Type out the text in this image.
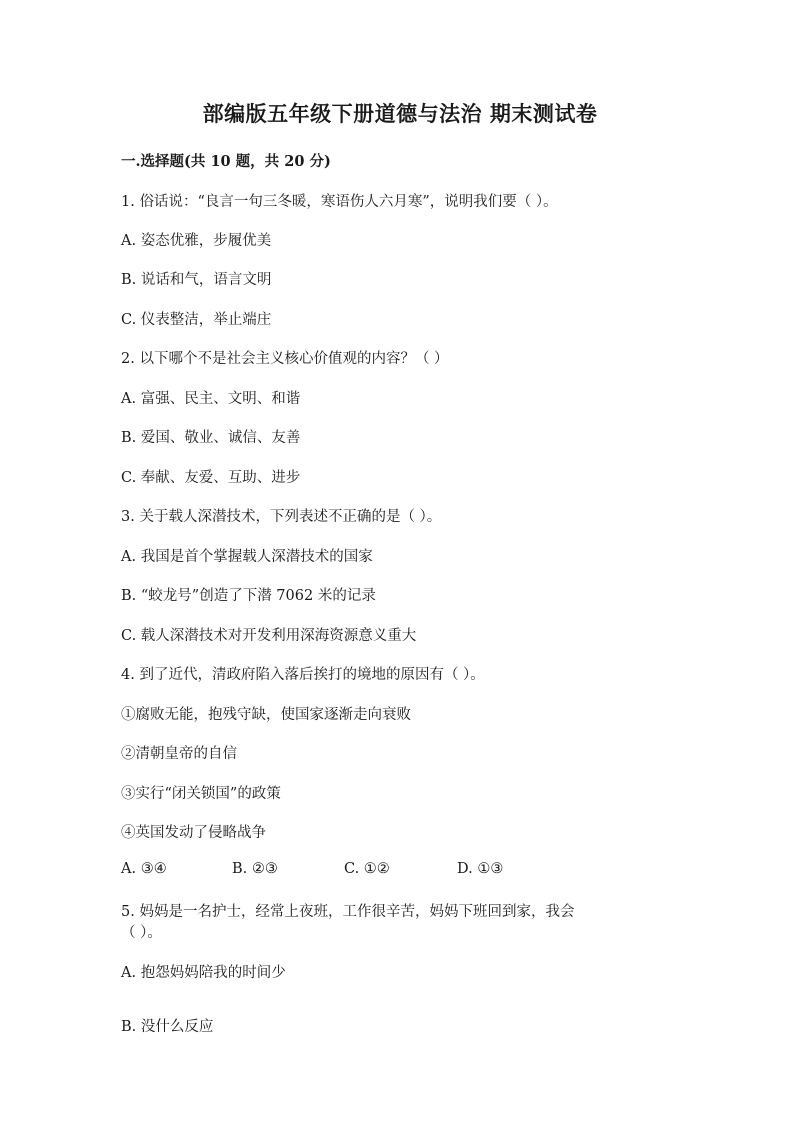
部编版五年级下册道德与法治 期末测试卷
一.选择题(共 10 题，共 20 分)
1. 俗话说：“良言一句三冬暖，寒语伤人六月寒”，说明我们要（ ）。
A. 姿态优雅，步履优美
B. 说话和气，语言文明
C. 仪表整洁，举止端庄
2. 以下哪个不是社会主义核心价值观的内容？（ ）
A. 富强、民主、文明、和谐
B. 爱国、敬业、诚信、友善
C. 奉献、友爱、互助、进步
3. 关于载人深潜技术，下列表述不正确的是（ ）。
A. 我国是首个掌握载人深潜技术的国家
B. “蛟龙号”创造了下潜 7062 米的记录
C. 载人深潜技术对开发利用深海资源意义重大
4. 到了近代，清政府陷入落后挨打的境地的原因有（ ）。
①腐败无能，抱残守缺，使国家逐渐走向衰败
②清朝皇帝的自信
③实行“闭关锁国”的政策
④英国发动了侵略战争
A. ③④	B. ②③	C. ①②	D. ①③
5. 妈妈是一名护士，经常上夜班，工作很辛苦，妈妈下班回到家，我会
（ ）。
A. 抱怨妈妈陪我的时间少
B. 没什么反应
